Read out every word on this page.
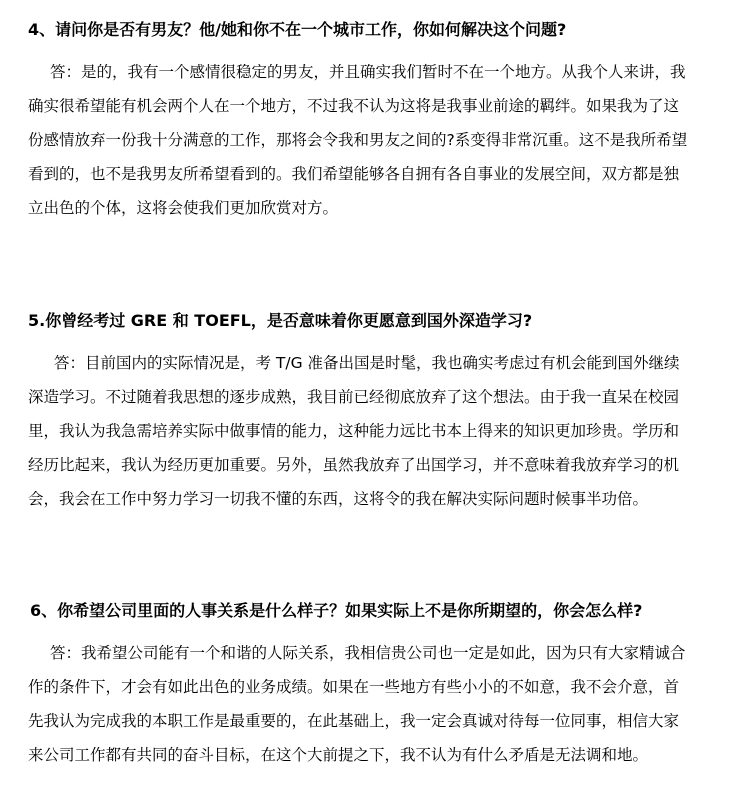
4、请问你是否有男友？他/她和你不在一个城市工作，你如何解决这个问题?
答：是的，我有一个感情很稳定的男友，并且确实我们暂时不在一个地方。从我个人来讲，我
确实很希望能有机会两个人在一个地方，不过我不认为这将是我事业前途的羁绊。如果我为了这
份感情放弃一份我十分满意的工作，那将会令我和男友之间的?系变得非常沉重。这不是我所希望
看到的，也不是我男友所希望看到的。我们希望能够各自拥有各自事业的发展空间，双方都是独
立出色的个体，这将会使我们更加欣赏对方。
5.你曾经考过 GRE 和 TOEFL，是否意味着你更愿意到国外深造学习?
答：目前国内的实际情况是，考 T/G 准备出国是时髦，我也确实考虑过有机会能到国外继续
深造学习。不过随着我思想的逐步成熟，我目前已经彻底放弃了这个想法。由于我一直呆在校园
里，我认为我急需培养实际中做事情的能力，这种能力远比书本上得来的知识更加珍贵。学历和
经历比起来，我认为经历更加重要。另外，虽然我放弃了出国学习，并不意味着我放弃学习的机
会，我会在工作中努力学习一切我不懂的东西，这将令的我在解决实际问题时候事半功倍。
6、你希望公司里面的人事关系是什么样子？如果实际上不是你所期望的，你会怎么样?
答：我希望公司能有一个和谐的人际关系，我相信贵公司也一定是如此，因为只有大家精诚合
作的条件下，才会有如此出色的业务成绩。如果在一些地方有些小小的不如意，我不会介意，首
先我认为完成我的本职工作是最重要的，在此基础上，我一定会真诚对待每一位同事，相信大家
来公司工作都有共同的奋斗目标，在这个大前提之下，我不认为有什么矛盾是无法调和地。
